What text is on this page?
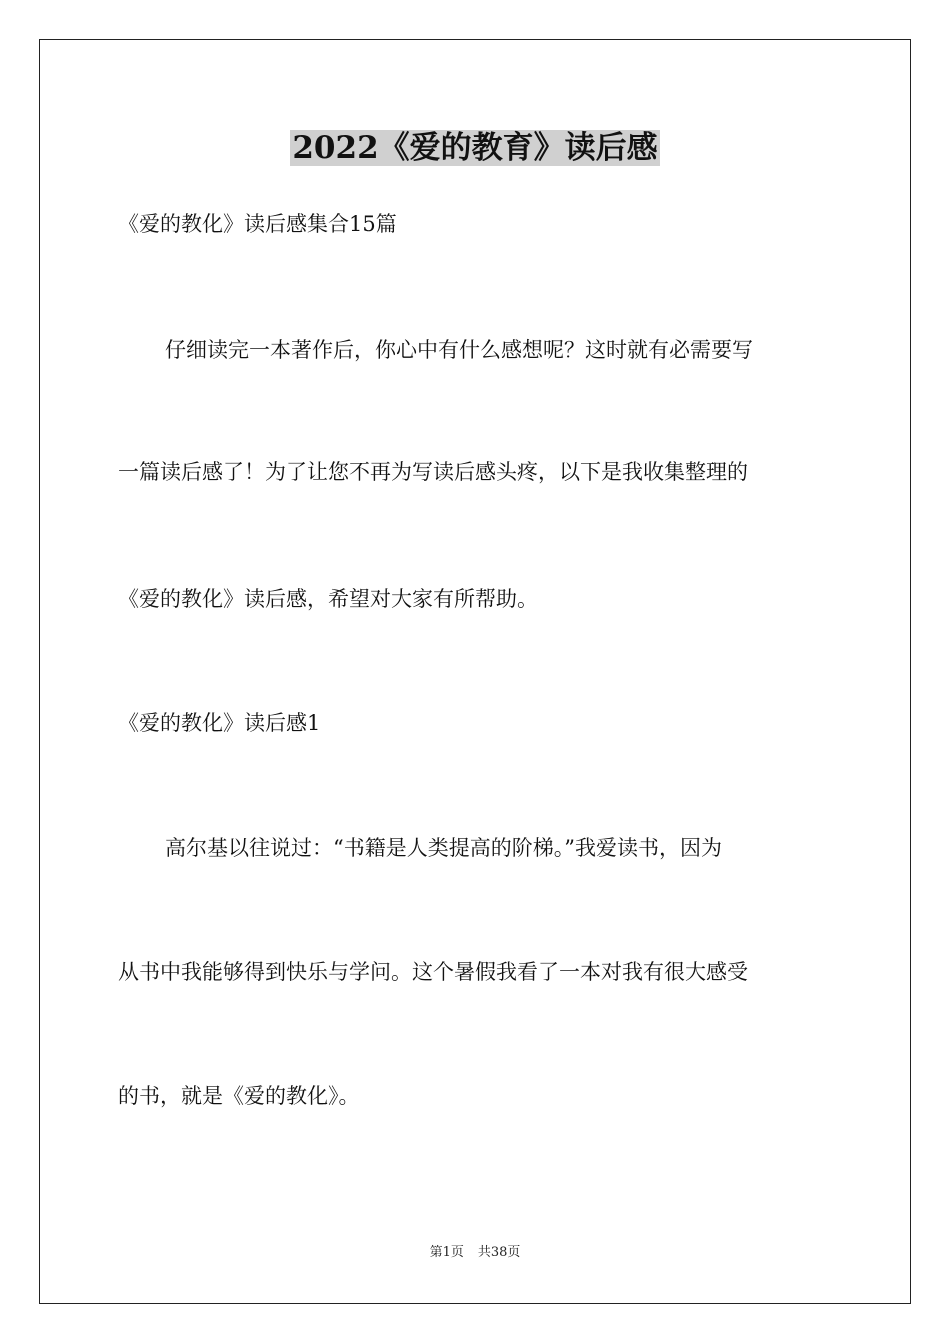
2022《爱的教育》读后感
《爱的教化》读后感集合15篇
仔细读完一本著作后，你心中有什么感想呢？这时就有必需要写
一篇读后感了！为了让您不再为写读后感头疼，以下是我收集整理的
《爱的教化》读后感，希望对大家有所帮助。
《爱的教化》读后感1
高尔基以往说过：“书籍是人类提高的阶梯。”我爱读书，因为
从书中我能够得到快乐与学问。这个暑假我看了一本对我有很大感受
的书，就是《爱的教化》。
第1页 共38页
